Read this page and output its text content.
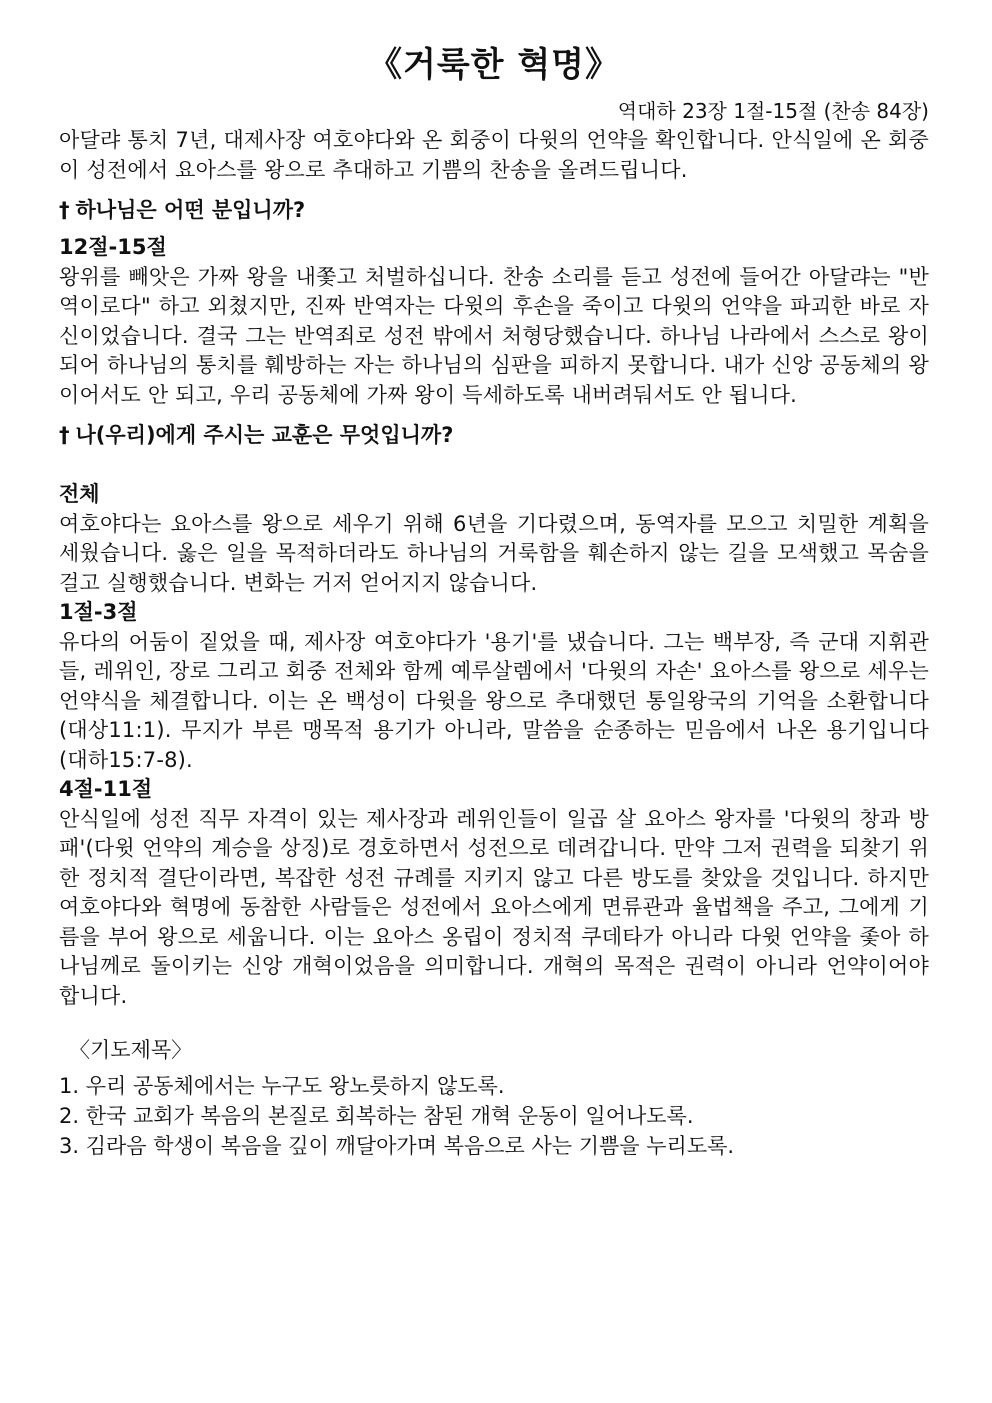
《거룩한 혁명》
역대하 23장 1절-15절 (찬송 84장)

아달랴 통치 7년, 대제사장 여호야다와 온 회중이 다윗의 언약을 확인합니다. 안식일에 온 회중이 성전에서 요아스를 왕으로 추대하고 기쁨의 찬송을 올려드립니다.

† 하나님은 어떤 분입니까?
12절-15절

왕위를 빼앗은 가짜 왕을 내쫓고 처벌하십니다. 찬송 소리를 듣고 성전에 들어간 아달랴는 "반역이로다" 하고 외쳤지만, 진짜 반역자는 다윗의 후손을 죽이고 다윗의 언약을 파괴한 바로 자신이었습니다. 결국 그는 반역죄로 성전 밖에서 처형당했습니다. 하나님 나라에서 스스로 왕이 되어 하나님의 통치를 훼방하는 자는 하나님의 심판을 피하지 못합니다. 내가 신앙 공동체의 왕이어서도 안 되고, 우리 공동체에 가짜 왕이 득세하도록 내버려둬서도 안 됩니다.

† 나(우리)에게 주시는 교훈은 무엇입니까?
전체

여호야다는 요아스를 왕으로 세우기 위해 6년을 기다렸으며, 동역자를 모으고 치밀한 계획을 세웠습니다. 옳은 일을 목적하더라도 하나님의 거룩함을 훼손하지 않는 길을 모색했고 목숨을 걸고 실행했습니다. 변화는 거저 얻어지지 않습니다.

1절-3절

유다의 어둠이 짙었을 때, 제사장 여호야다가 '용기'를 냈습니다. 그는 백부장, 즉 군대 지휘관들, 레위인, 장로 그리고 회중 전체와 함께 예루살렘에서 '다윗의 자손' 요아스를 왕으로 세우는 언약식을 체결합니다. 이는 온 백성이 다윗을 왕으로 추대했던 통일왕국의 기억을 소환합니다(대상11:1). 무지가 부른 맹목적 용기가 아니라, 말씀을 순종하는 믿음에서 나온 용기입니다(대하15:7-8).

4절-11절

안식일에 성전 직무 자격이 있는 제사장과 레위인들이 일곱 살 요아스 왕자를 '다윗의 창과 방패'(다윗 언약의 계승을 상징)로 경호하면서 성전으로 데려갑니다. 만약 그저 권력을 되찾기 위한 정치적 결단이라면, 복잡한 성전 규례를 지키지 않고 다른 방도를 찾았을 것입니다. 하지만 여호야다와 혁명에 동참한 사람들은 성전에서 요아스에게 면류관과 율법책을 주고, 그에게 기름을 부어 왕으로 세웁니다. 이는 요아스 옹립이 정치적 쿠데타가 아니라 다윗 언약을 좇아 하나님께로 돌이키는 신앙 개혁이었음을 의미합니다. 개혁의 목적은 권력이 아니라 언약이어야 합니다.

〈기도제목〉
1. 우리 공동체에서는 누구도 왕노릇하지 않도록.
2. 한국 교회가 복음의 본질로 회복하는 참된 개혁 운동이 일어나도록.
3. 김라음 학생이 복음을 깊이 깨달아가며 복음으로 사는 기쁨을 누리도록.
